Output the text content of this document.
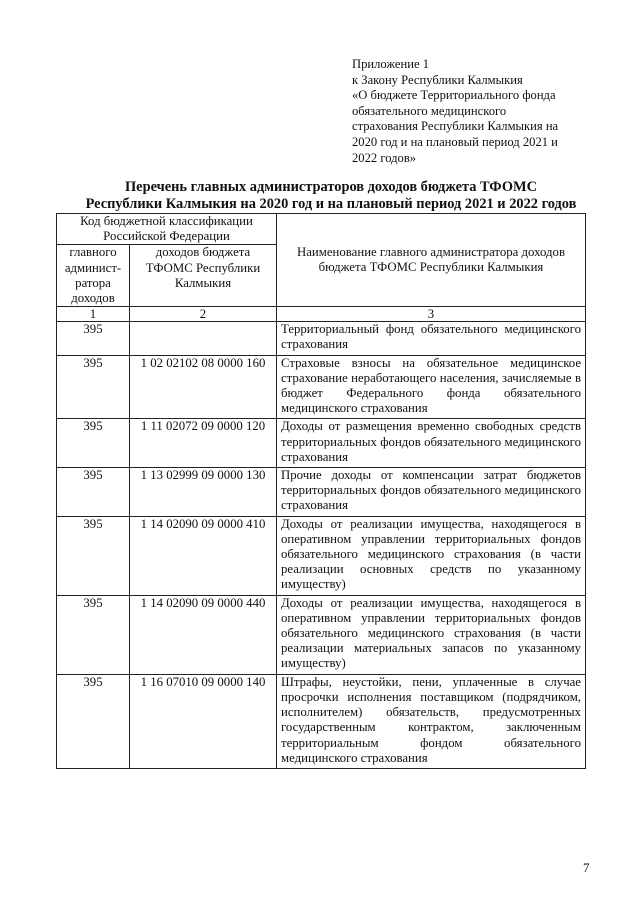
Приложение 1
к Закону Республики Калмыкия
«О бюджете Территориального фонда
обязательного медицинского
страхования Республики Калмыкия на
2020 год и на плановый период 2021 и
2022 годов»
Перечень главных администраторов доходов бюджета ТФОМС
Республики Калмыкия на 2020 год и на плановый период 2021 и 2022 годов
Код бюджетной классификации Российской Федерации		Наименование главного администратора доходов бюджета ТФОМС Республики Калмыкия
главного админист-ратора доходов	доходов бюджета ТФОМС Республики Калмыкия	
1	2	3
395		Территориальный фонд обязательного медицинского страхования
395	1 02 02102 08 0000 160	Страховые взносы на обязательное медицинское страхование неработающего населения, зачисляемые в бюджет Федерального фонда обязательного медицинского страхования
395	1 11 02072 09 0000 120	Доходы от размещения временно свободных средств территориальных фондов обязательного медицинского страхования
395	1 13 02999 09 0000 130	Прочие доходы от компенсации затрат бюджетов территориальных фондов обязательного медицинского страхования
395	1 14 02090 09 0000 410	Доходы от реализации имущества, находящегося в оперативном управлении территориальных фондов обязательного медицинского страхования (в части реализации основных средств по указанному имуществу)
395	1 14 02090 09 0000 440	Доходы от реализации имущества, находящегося в оперативном управлении территориальных фондов обязательного медицинского страхования (в части реализации материальных запасов по указанному имуществу)
395	1 16 07010 09 0000 140	Штрафы, неустойки, пени, уплаченные в случае просрочки исполнения поставщиком (подрядчиком, исполнителем) обязательств, предусмотренных государственным контрактом, заключенным территориальным фондом обязательного медицинского страхования
7
